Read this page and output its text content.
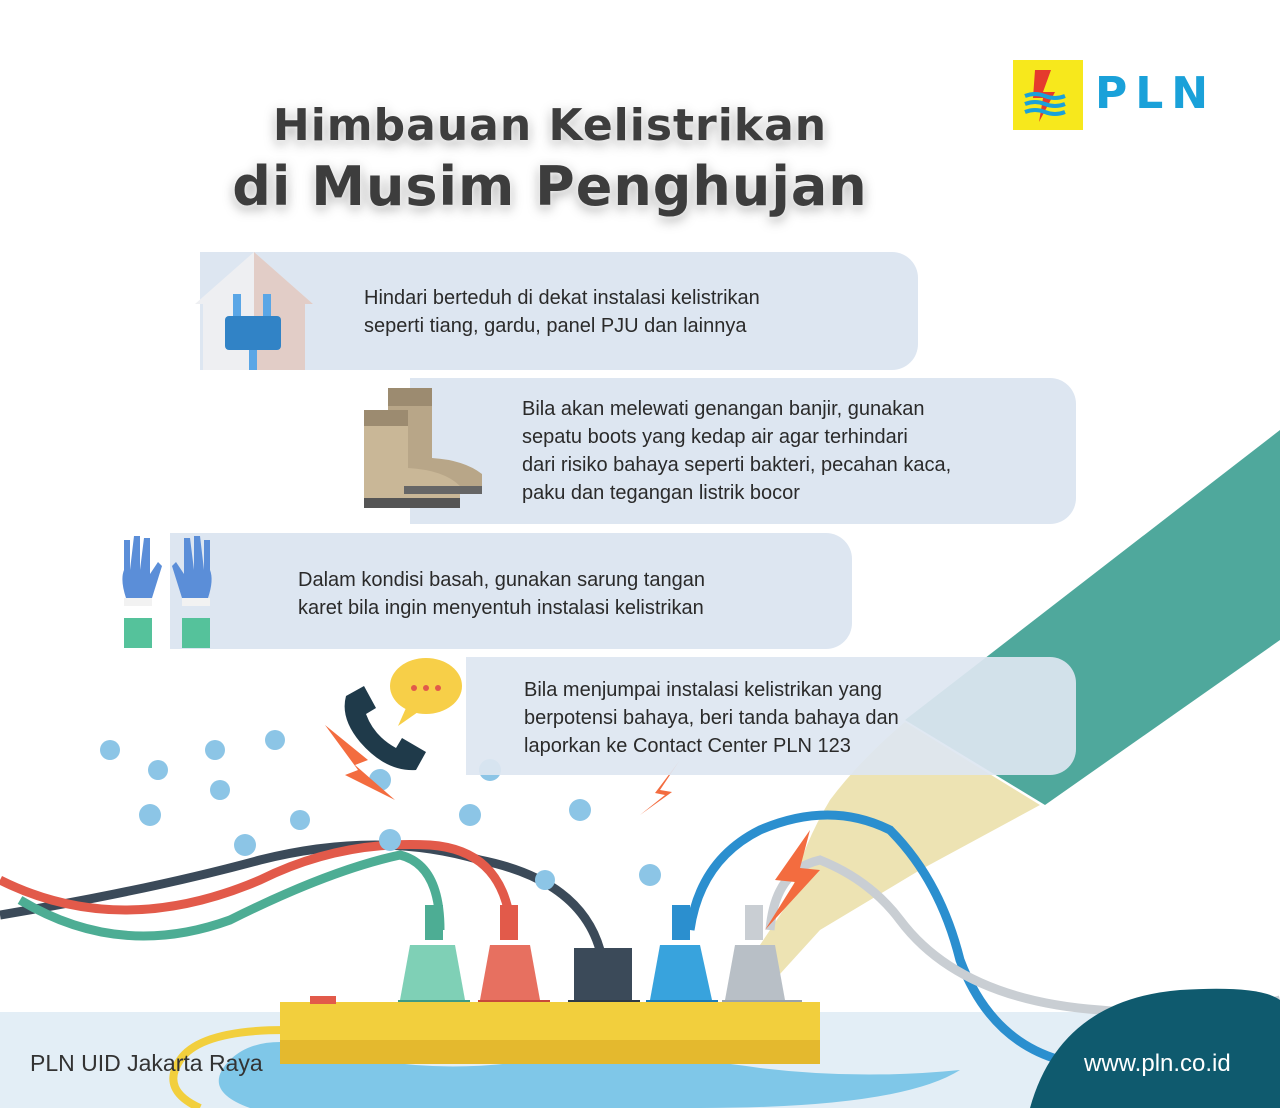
Himbauan Kelistrikan
di Musim Penghujan
PLN
Hindari berteduh di dekat instalasi kelistrikan
seperti tiang, gardu, panel PJU dan lainnya
Bila akan melewati genangan banjir, gunakan
sepatu boots yang kedap air agar terhindari
dari risiko bahaya seperti bakteri, pecahan kaca,
paku dan tegangan listrik bocor
Dalam kondisi basah, gunakan sarung tangan
karet bila ingin menyentuh instalasi kelistrikan
Bila menjumpai instalasi kelistrikan yang
berpotensi bahaya, beri tanda bahaya dan
laporkan ke Contact Center PLN 123
PLN UID Jakarta Raya	www.pln.co.id
